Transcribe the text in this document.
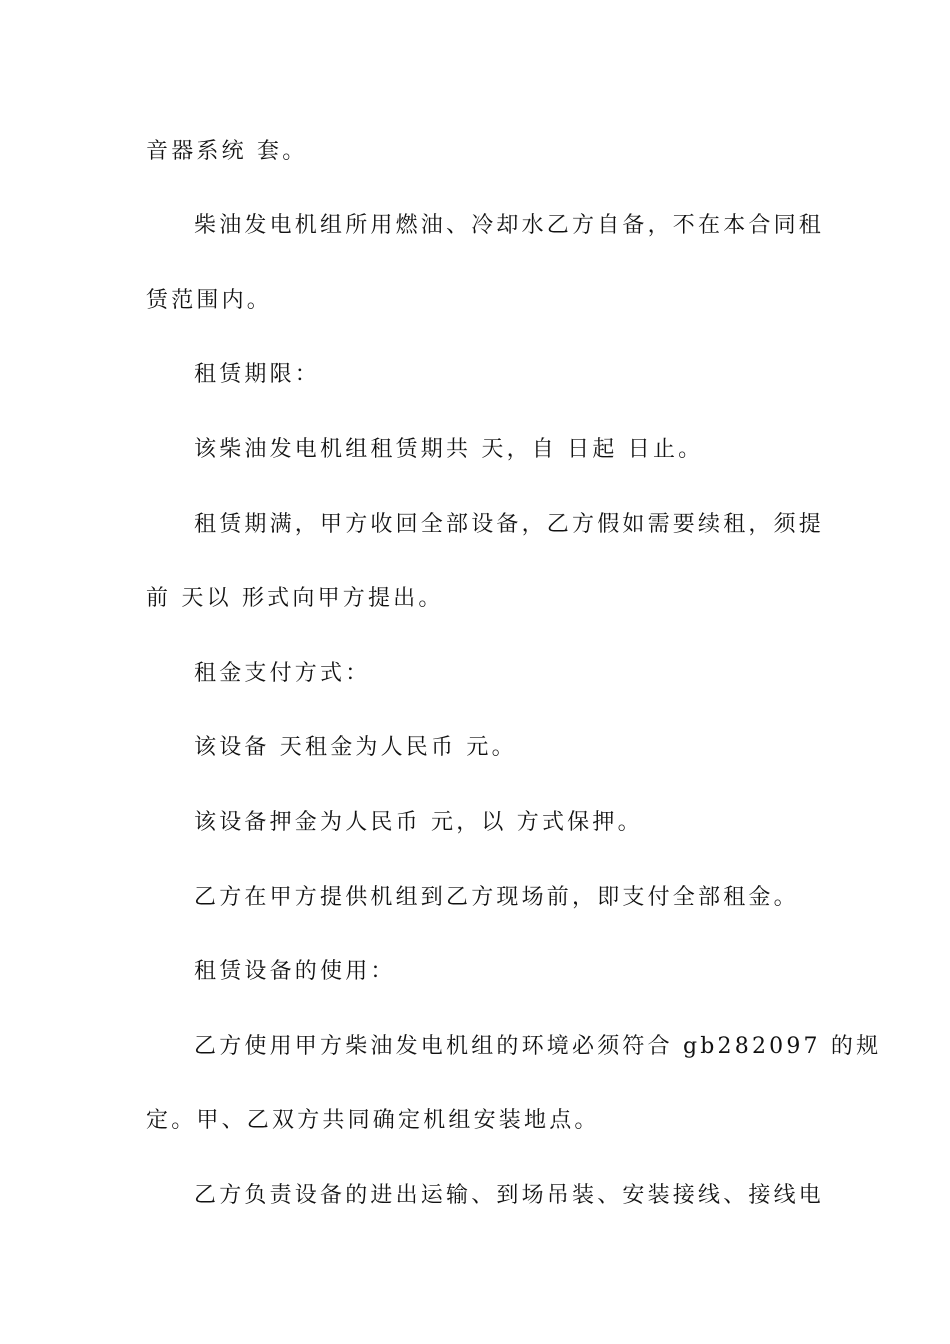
音器系统 套。
柴油发电机组所用燃油、冷却水乙方自备，不在本合同租
赁范围内。
租赁期限：
该柴油发电机组租赁期共 天，自 日起 日止。
租赁期满，甲方收回全部设备，乙方假如需要续租，须提
前 天以 形式向甲方提出。
租金支付方式：
该设备 天租金为人民币 元。
该设备押金为人民币 元，以 方式保押。
乙方在甲方提供机组到乙方现场前，即支付全部租金。
租赁设备的使用：
乙方使用甲方柴油发电机组的环境必须符合 gb282097 的规
定。甲、乙双方共同确定机组安装地点。
乙方负责设备的进出运输、到场吊装、安装接线、接线电
